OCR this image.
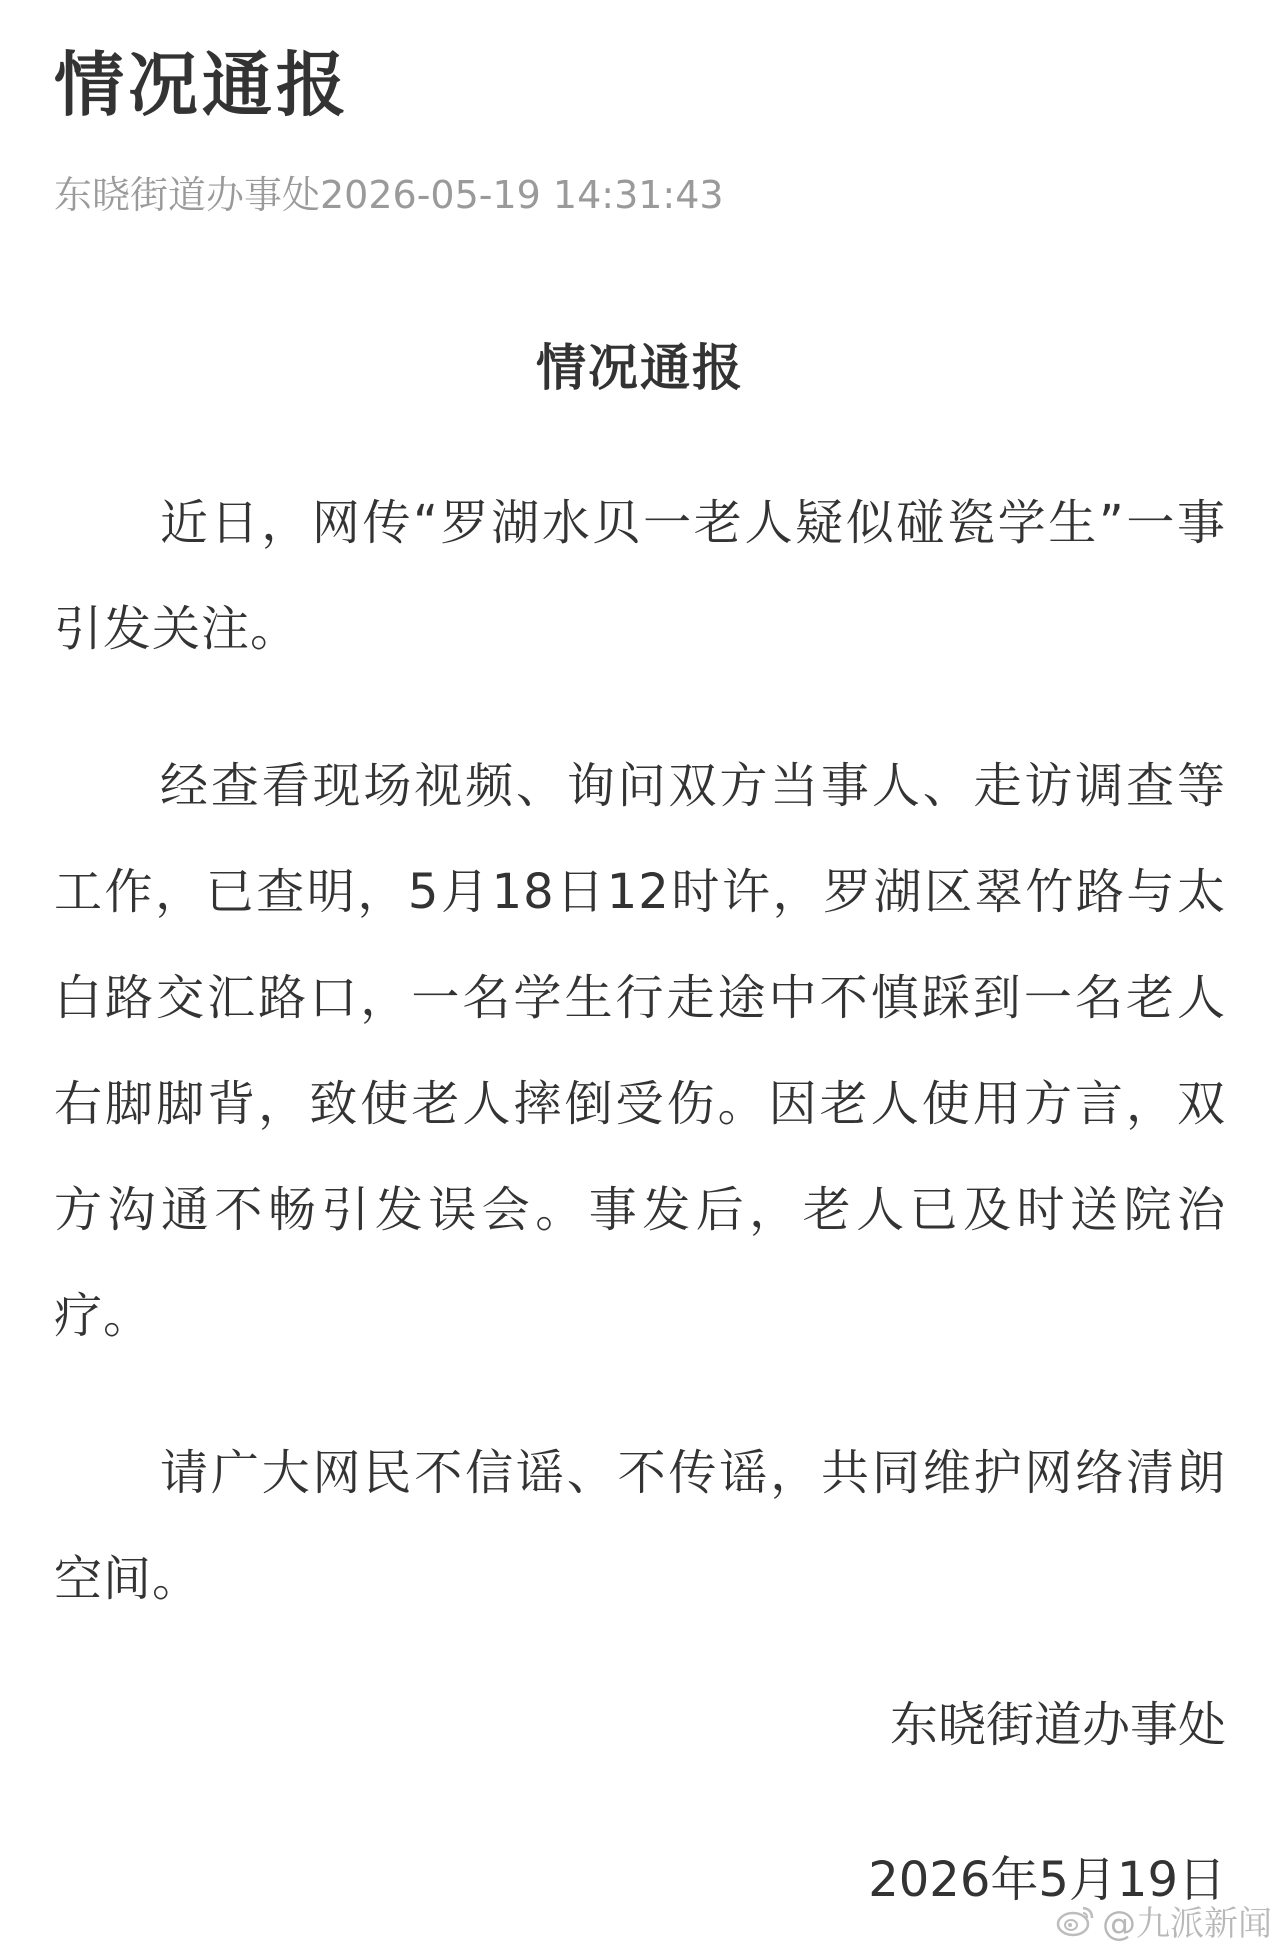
情况通报
东晓街道办事处2026-05-19 14:31:43
情况通报
近日，网传“罗湖水贝一老人疑似碰瓷学生”一事引发关注。
经查看现场视频、询问双方当事人、走访调查等工作，已查明，5月18日12时许，罗湖区翠竹路与太白路交汇路口，一名学生行走途中不慎踩到一名老人右脚脚背，致使老人摔倒受伤。因老人使用方言，双方沟通不畅引发误会。事发后，老人已及时送院治疗。
请广大网民不信谣、不传谣，共同维护网络清朗空间。
东晓街道办事处
2026年5月19日
@九派新闻
